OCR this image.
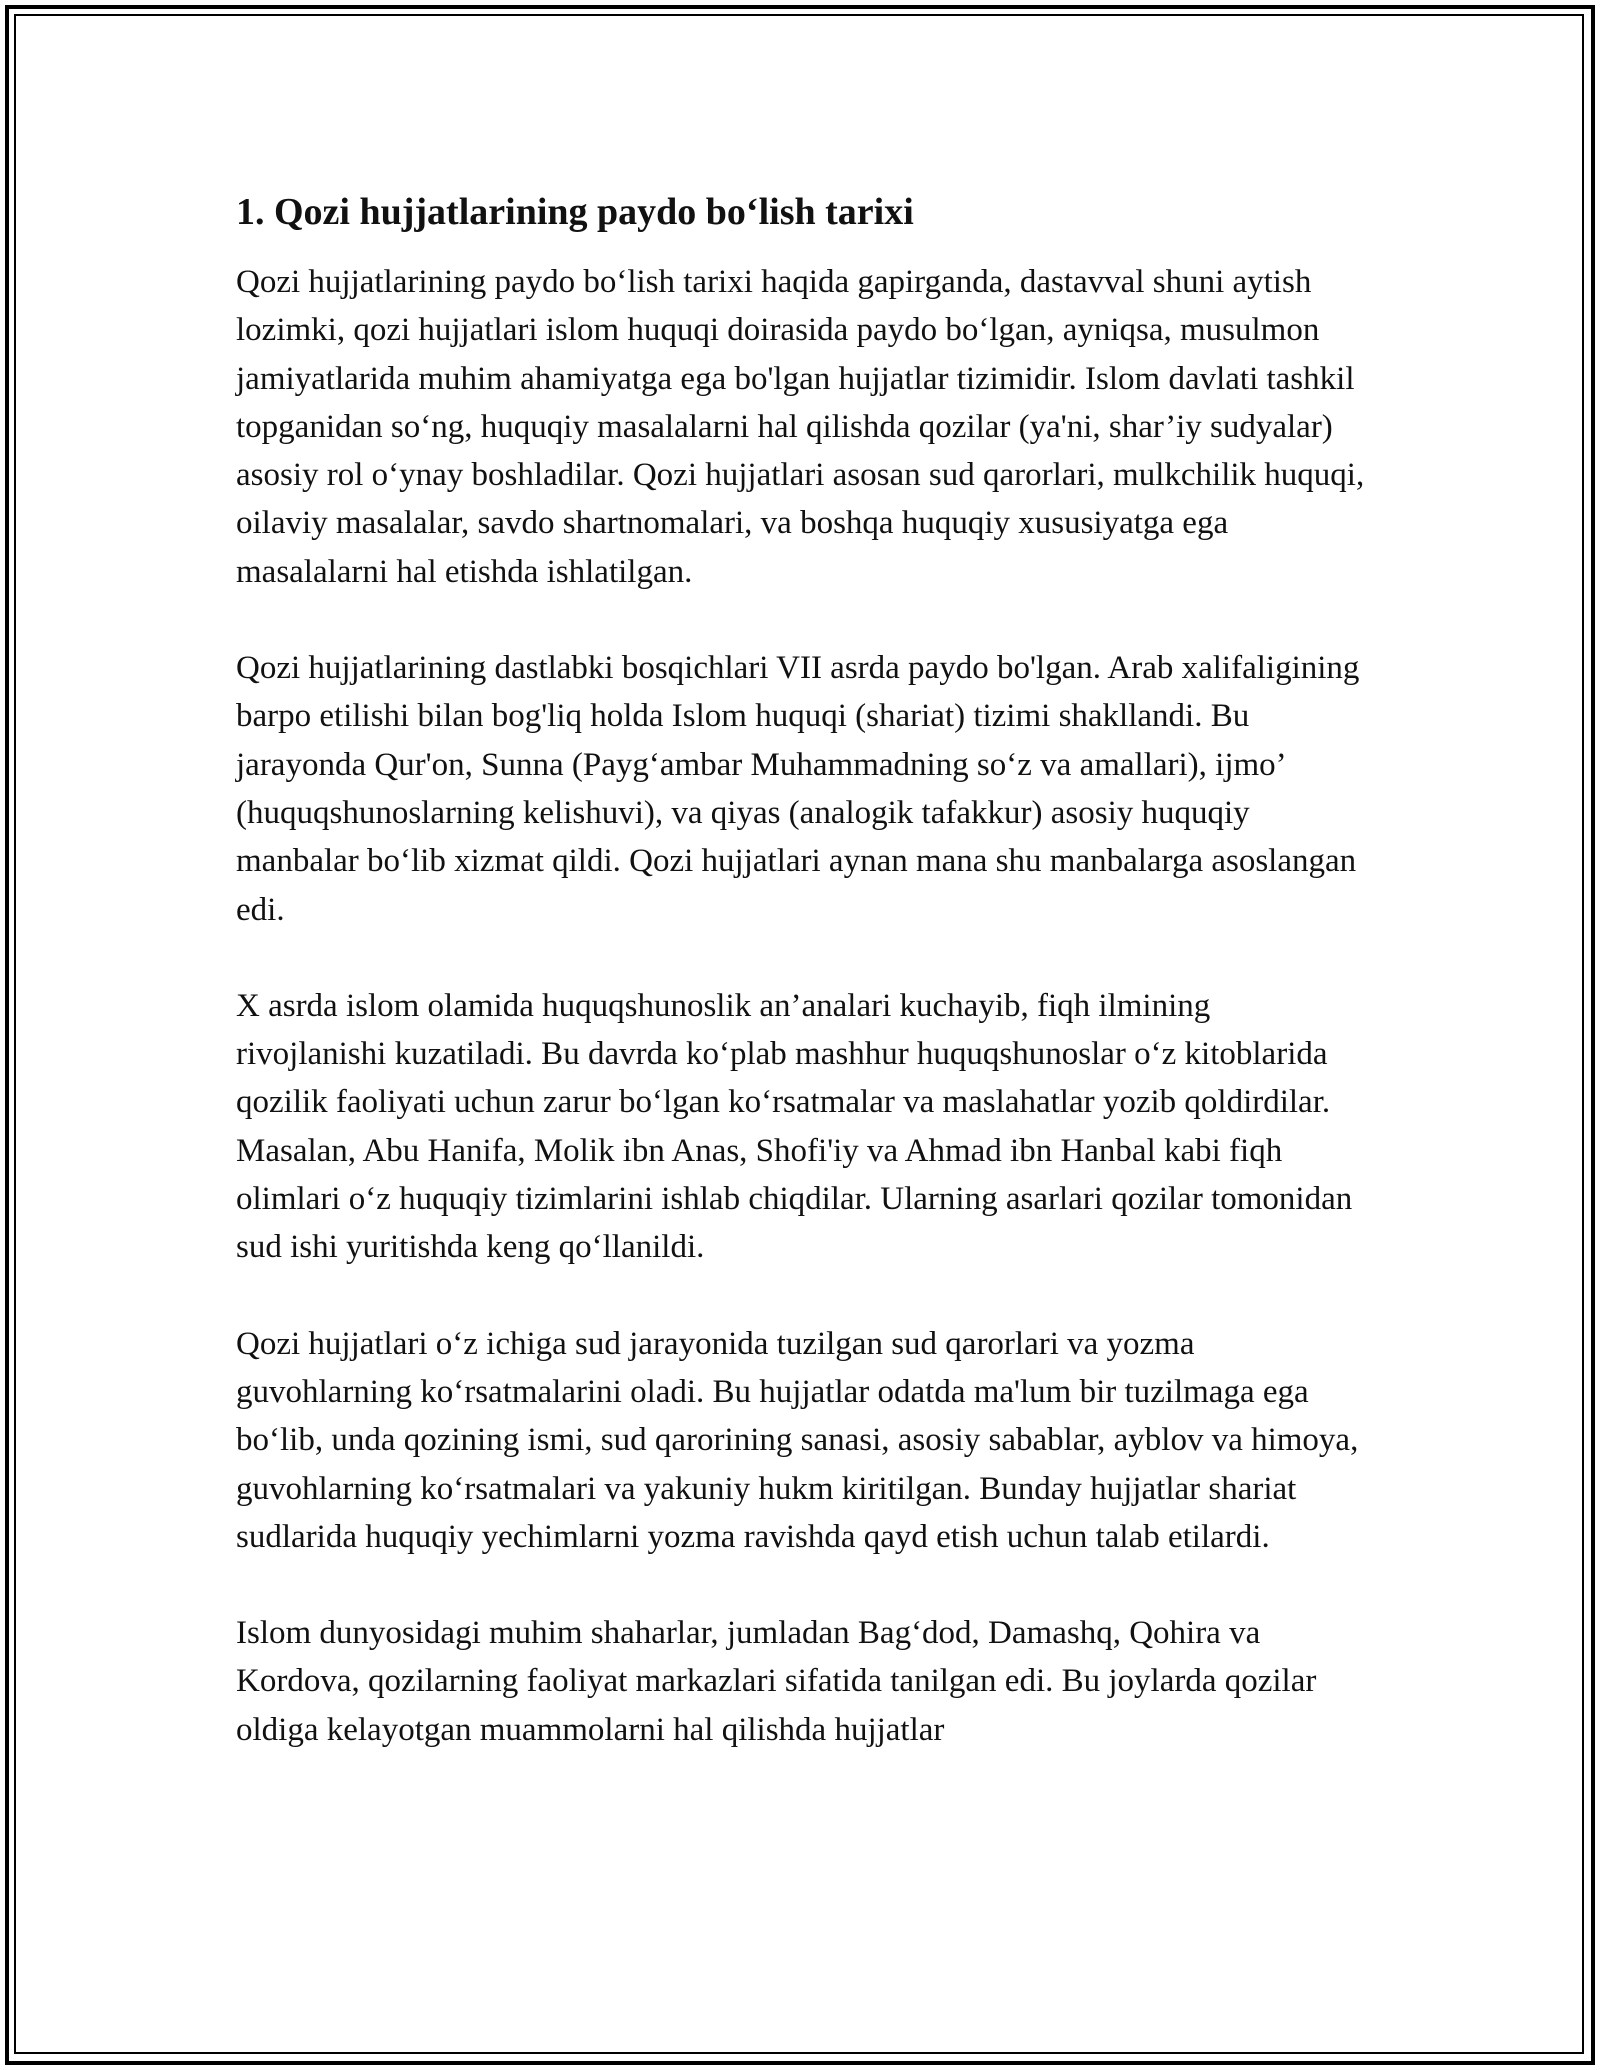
1. Qozi hujjatlarining paydo bo‘lish tarixi

Qozi hujjatlarining paydo bo‘lish tarixi haqida gapirganda, dastavval shuni aytish lozimki, qozi hujjatlari islom huquqi doirasida paydo bo‘lgan, ayniqsa, musulmon jamiyatlarida muhim ahamiyatga ega bo'lgan hujjatlar tizimidir. Islom davlati tashkil topganidan so‘ng, huquqiy masalalarni hal qilishda qozilar (ya'ni, shar’iy sudyalar) asosiy rol o‘ynay boshladilar. Qozi hujjatlari asosan sud qarorlari, mulkchilik huquqi, oilaviy masalalar, savdo shartnomalari, va boshqa huquqiy xususiyatga ega masalalarni hal etishda ishlatilgan.

Qozi hujjatlarining dastlabki bosqichlari VII asrda paydo bo'lgan. Arab xalifaligining barpo etilishi bilan bog'liq holda Islom huquqi (shariat) tizimi shakllandi. Bu jarayonda Qur'on, Sunna (Payg‘ambar Muhammadning so‘z va amallari), ijmo’ (huquqshunoslarning kelishuvi), va qiyas (analogik tafakkur) asosiy huquqiy manbalar bo‘lib xizmat qildi. Qozi hujjatlari aynan mana shu manbalarga asoslangan edi.

X asrda islom olamida huquqshunoslik an’analari kuchayib, fiqh ilmining rivojlanishi kuzatiladi. Bu davrda ko‘plab mashhur huquqshunoslar o‘z kitoblarida qozilik faoliyati uchun zarur bo‘lgan ko‘rsatmalar va maslahatlar yozib qoldirdilar. Masalan, Abu Hanifa, Molik ibn Anas, Shofi'iy va Ahmad ibn Hanbal kabi fiqh olimlari o‘z huquqiy tizimlarini ishlab chiqdilar. Ularning asarlari qozilar tomonidan sud ishi yuritishda keng qo‘llanildi.

Qozi hujjatlari o‘z ichiga sud jarayonida tuzilgan sud qarorlari va yozma guvohlarning ko‘rsatmalarini oladi. Bu hujjatlar odatda ma'lum bir tuzilmaga ega bo‘lib, unda qozining ismi, sud qarorining sanasi, asosiy sabablar, ayblov va himoya, guvohlarning ko‘rsatmalari va yakuniy hukm kiritilgan. Bunday hujjatlar shariat sudlarida huquqiy yechimlarni yozma ravishda qayd etish uchun talab etilardi.

Islom dunyosidagi muhim shaharlar, jumladan Bag‘dod, Damashq, Qohira va Kordova, qozilarning faoliyat markazlari sifatida tanilgan edi. Bu joylarda qozilar oldiga kelayotgan muammolarni hal qilishda hujjatlar
